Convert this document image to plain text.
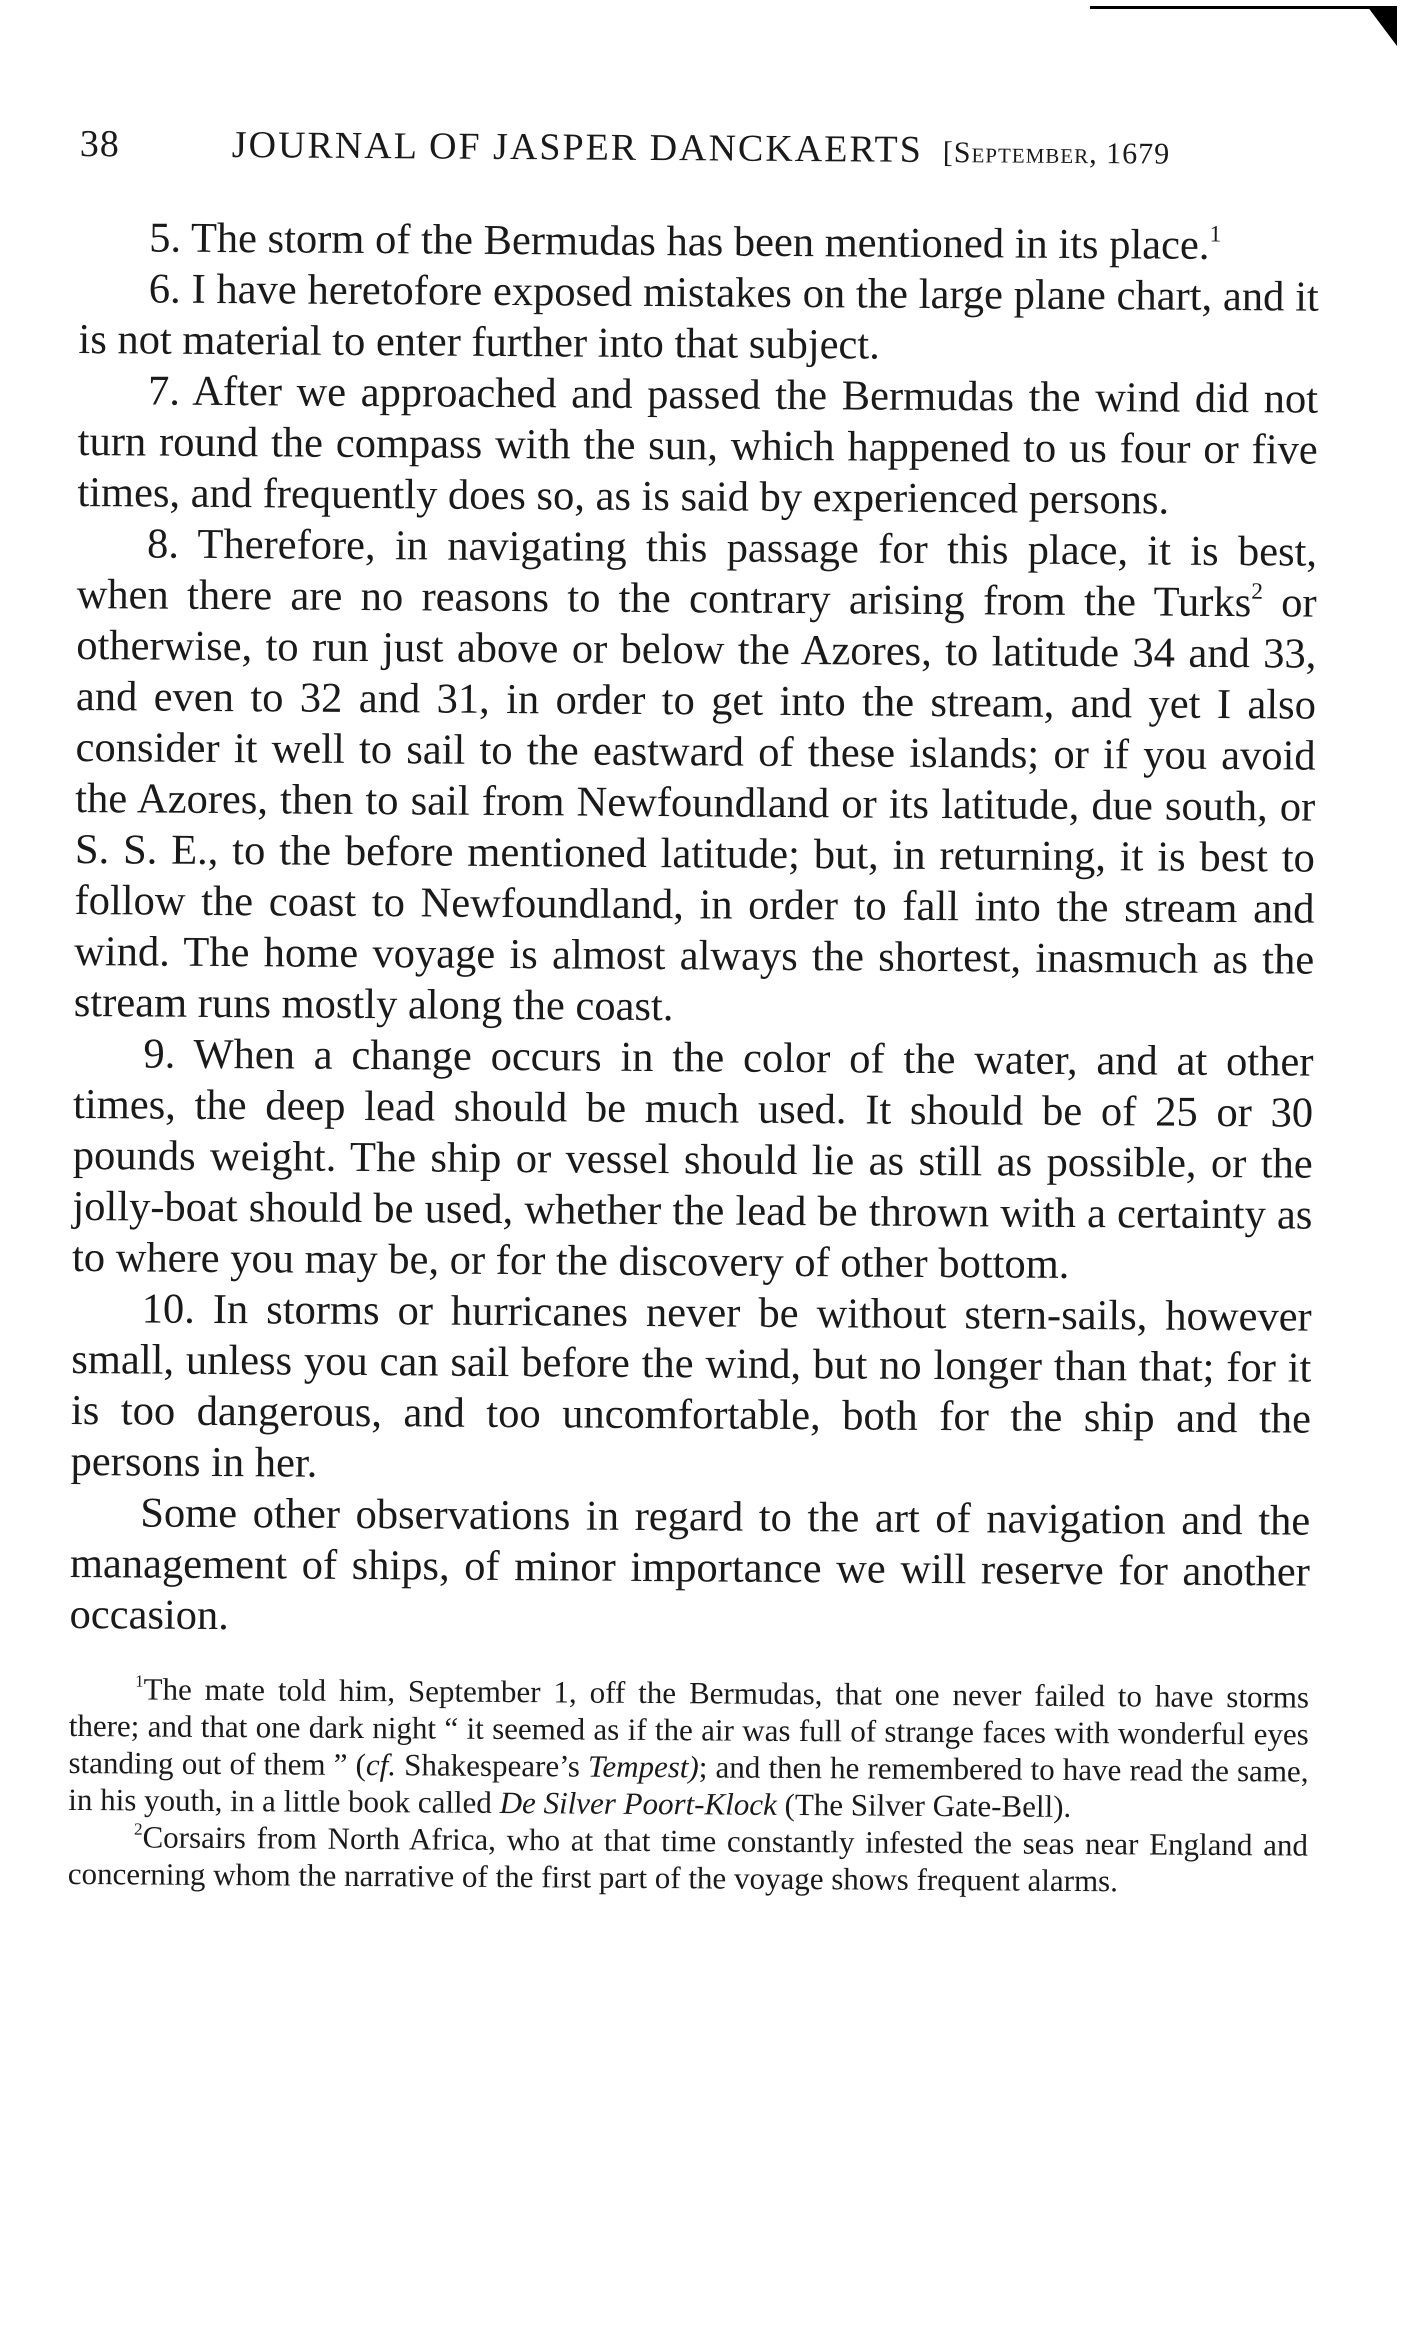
38	JOURNAL OF JASPER DANCKAERTS [September, 1679

5. The storm of the Bermudas has been mentioned in its place.$^1$

6. I have heretofore exposed mistakes on the large plane chart, and it is not material to enter further into that subject.

7. After we approached and passed the Bermudas the wind did not turn round the compass with the sun, which happened to us four or five times, and frequently does so, as is said by experienced persons.

8. Therefore, in navigating this passage for this place, it is best, when there are no reasons to the contrary arising from the Turks$^2$ or otherwise, to run just above or below the Azores, to latitude 34 and 33, and even to 32 and 31, in order to get into the stream, and yet I also consider it well to sail to the eastward of these islands; or if you avoid the Azores, then to sail from Newfoundland or its latitude, due south, or S. S. E., to the before mentioned latitude; but, in returning, it is best to follow the coast to Newfoundland, in order to fall into the stream and wind. The home voyage is almost always the shortest, inasmuch as the stream runs mostly along the coast.

9. When a change occurs in the color of the water, and at other times, the deep lead should be much used. It should be of 25 or 30 pounds weight. The ship or vessel should lie as still as possible, or the jolly-boat should be used, whether the lead be thrown with a certainty as to where you may be, or for the discovery of other bottom.

10. In storms or hurricanes never be without stern-sails, however small, unless you can sail before the wind, but no longer than that; for it is too dangerous, and too uncomfortable, both for the ship and the persons in her.

Some other observations in regard to the art of navigation and the management of ships, of minor importance we will reserve for another occasion.

$^1$The mate told him, September 1, off the Bermudas, that one never failed to have storms there; and that one dark night “ it seemed as if the air was full of strange faces with wonderful eyes standing out of them ” (cf. Shakespeare’s Tempest); and then he remembered to have read the same, in his youth, in a little book called De Silver Poort-Klock (The Silver Gate-Bell).

$^2$Corsairs from North Africa, who at that time constantly infested the seas near England and concerning whom the narrative of the first part of the voyage shows frequent alarms.
